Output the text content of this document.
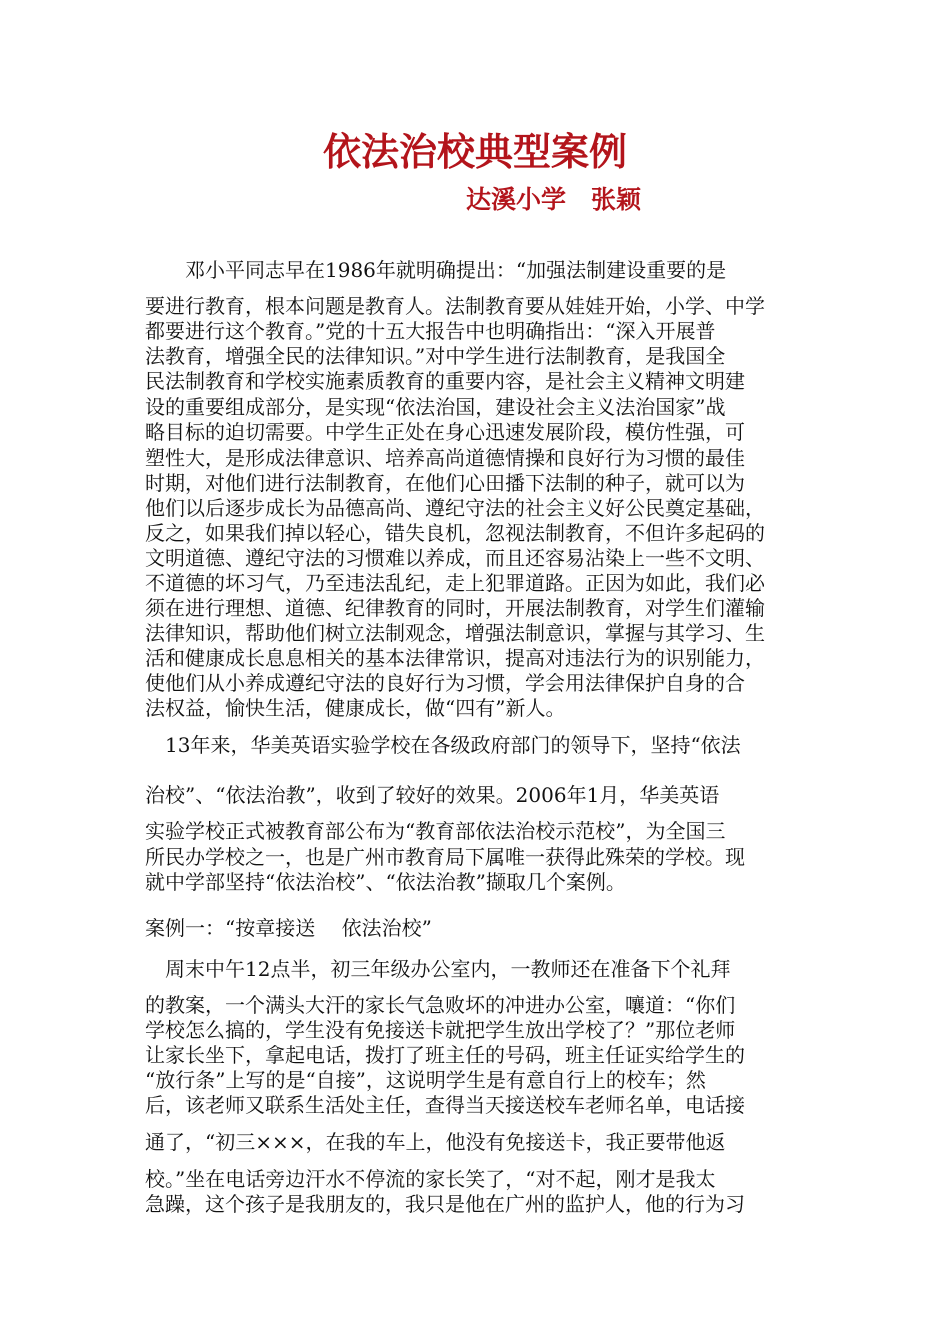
依法治校典型案例
达溪小学　张颖
　　邓小平同志早在1986年就明确提出：“加强法制建设重要的是
要进行教育，根本问题是教育人。法制教育要从娃娃开始，小学、中学
都要进行这个教育。”党的十五大报告中也明确指出：“深入开展普
法教育，增强全民的法律知识。”对中学生进行法制教育，是我国全
民法制教育和学校实施素质教育的重要内容，是社会主义精神文明建
设的重要组成部分，是实现“依法治国，建设社会主义法治国家”战
略目标的迫切需要。中学生正处在身心迅速发展阶段，模仿性强，可
塑性大，是形成法律意识、培养高尚道德情操和良好行为习惯的最佳
时期，对他们进行法制教育，在他们心田播下法制的种子，就可以为
他们以后逐步成长为品德高尚、遵纪守法的社会主义好公民奠定基础，
反之，如果我们掉以轻心，错失良机，忽视法制教育，不但许多起码的
文明道德、遵纪守法的习惯难以养成，而且还容易沾染上一些不文明、
不道德的坏习气，乃至违法乱纪，走上犯罪道路。正因为如此，我们必
须在进行理想、道德、纪律教育的同时，开展法制教育，对学生们灌输
法律知识，帮助他们树立法制观念，增强法制意识，掌握与其学习、生
活和健康成长息息相关的基本法律常识，提高对违法行为的识别能力，
使他们从小养成遵纪守法的良好行为习惯，学会用法律保护自身的合
法权益，愉快生活，健康成长，做“四有”新人。
　13年来，华美英语实验学校在各级政府部门的领导下，坚持“依法
治校”、“依法治教”，收到了较好的效果。2006年1月，华美英语
实验学校正式被教育部公布为“教育部依法治校示范校”，为全国三
所民办学校之一，也是广州市教育局下属唯一获得此殊荣的学校。现
就中学部坚持“依法治校”、“依法治教”撷取几个案例。
案例一：“按章接送　 依法治校”
　周末中午12点半，初三年级办公室内，一教师还在准备下个礼拜
的教案，一个满头大汗的家长气急败坏的冲进办公室，嚷道：“你们
学校怎么搞的，学生没有免接送卡就把学生放出学校了？”那位老师
让家长坐下，拿起电话，拨打了班主任的号码，班主任证实给学生的
“放行条”上写的是“自接”，这说明学生是有意自行上的校车；然
后，该老师又联系生活处主任，查得当天接送校车老师名单，电话接
通了，“初三×××，在我的车上，他没有免接送卡，我正要带他返
校。”坐在电话旁边汗水不停流的家长笑了，“对不起，刚才是我太
急躁，这个孩子是我朋友的，我只是他在广州的监护人，他的行为习
